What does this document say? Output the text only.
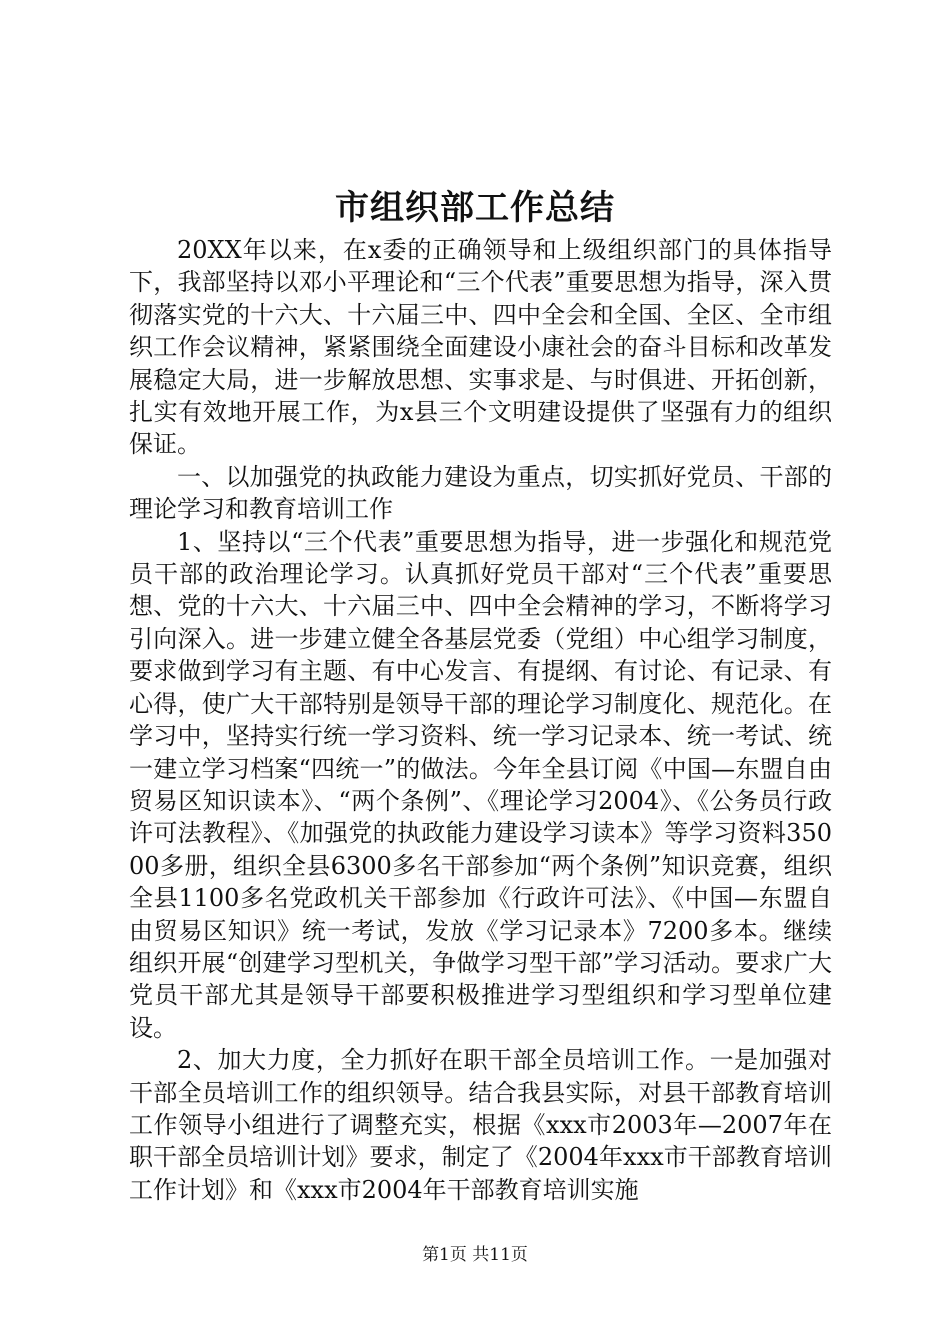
市组织部工作总结

20XX年以来，在x委的正确领导和上级组织部门的具体指导下，我部坚持以邓小平理论和“三个代表”重要思想为指导，深入贯彻落实党的十六大、十六届三中、四中全会和全国、全区、全市组织工作会议精神，紧紧围绕全面建设小康社会的奋斗目标和改革发展稳定大局，进一步解放思想、实事求是、与时俱进、开拓创新，扎实有效地开展工作，为x县三个文明建设提供了坚强有力的组织保证。

一、以加强党的执政能力建设为重点，切实抓好党员、干部的理论学习和教育培训工作

1、坚持以“三个代表”重要思想为指导，进一步强化和规范党员干部的政治理论学习。认真抓好党员干部对“三个代表”重要思想、党的十六大、十六届三中、四中全会精神的学习，不断将学习引向深入。进一步建立健全各基层党委（党组）中心组学习制度，要求做到学习有主题、有中心发言、有提纲、有讨论、有记录、有心得，使广大干部特别是领导干部的理论学习制度化、规范化。在学习中，坚持实行统一学习资料、统一学习记录本、统一考试、统一建立学习档案“四统一”的做法。今年全县订阅《中国—东盟自由贸易区知识读本》、“两个条例”、《理论学习2004》、《公务员行政许可法教程》、《加强党的执政能力建设学习读本》等学习资料35000多册，组织全县6300多名干部参加“两个条例”知识竞赛，组织全县1100多名党政机关干部参加《行政许可法》、《中国—东盟自由贸易区知识》统一考试，发放《学习记录本》7200多本。继续组织开展“创建学习型机关，争做学习型干部”学习活动。要求广大党员干部尤其是领导干部要积极推进学习型组织和学习型单位建设。

2、加大力度，全力抓好在职干部全员培训工作。一是加强对干部全员培训工作的组织领导。结合我县实际，对县干部教育培训工作领导小组进行了调整充实，根据《xxx市2003年—2007年在职干部全员培训计划》要求，制定了《2004年xxx市干部教育培训工作计划》和《xxx市2004年干部教育培训实施

第1页 共11页
